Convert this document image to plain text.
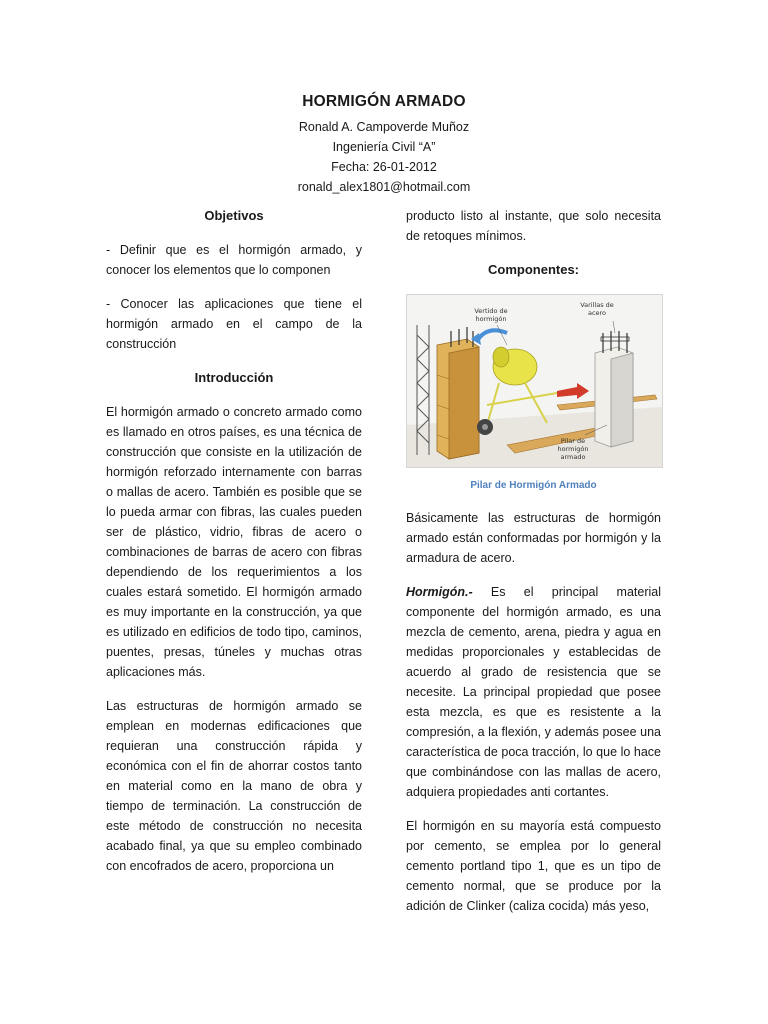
HORMIGÓN ARMADO
Ronald A. Campoverde Muñoz
Ingeniería Civil “A”
Fecha: 26-01-2012
ronald_alex1801@hotmail.com
Objetivos

- Definir que es el hormigón armado, y conocer los elementos que lo componen

- Conocer las aplicaciones que tiene el hormigón armado en el campo de la construcción

Introducción

El hormigón armado o concreto armado como es llamado en otros países, es una técnica de construcción que consiste en la utilización de hormigón reforzado internamente con barras o mallas de acero. También es posible que se lo pueda armar con fibras, las cuales pueden ser de plástico, vidrio, fibras de acero o combinaciones de barras de acero con fibras dependiendo de los requerimientos a los cuales estará sometido. El hormigón armado es muy importante en la construcción, ya que es utilizado en edificios de todo tipo, caminos, puentes, presas, túneles y muchas otras aplicaciones más.

Las estructuras de hormigón armado se emplean en modernas edificaciones que requieran una construcción rápida y económica con el fin de ahorrar costos tanto en material como en la mano de obra y tiempo de terminación. La construcción de este método de construcción no necesita acabado final, ya que su empleo combinado con encofrados de acero, proporciona un

producto listo al instante, que solo necesita de retoques mínimos.

Componentes:
Vertido de hormigón
Varillas de acero
Pilar de hormigón armado
Pilar de Hormigón Armado

Básicamente las estructuras de hormigón armado están conformadas por hormigón y la armadura de acero.

Hormigón.- Es el principal material componente del hormigón armado, es una mezcla de cemento, arena, piedra y agua en medidas proporcionales y establecidas de acuerdo al grado de resistencia que se necesite. La principal propiedad que posee esta mezcla, es que es resistente a la compresión, a la flexión, y además posee una característica de poca tracción, lo que lo hace que combinándose con las mallas de acero, adquiera propiedades anti cortantes.

El hormigón en su mayoría está compuesto por cemento, se emplea por lo general cemento portland tipo 1, que es un tipo de cemento normal, que se produce por la adición de Clinker (caliza cocida) más yeso,
